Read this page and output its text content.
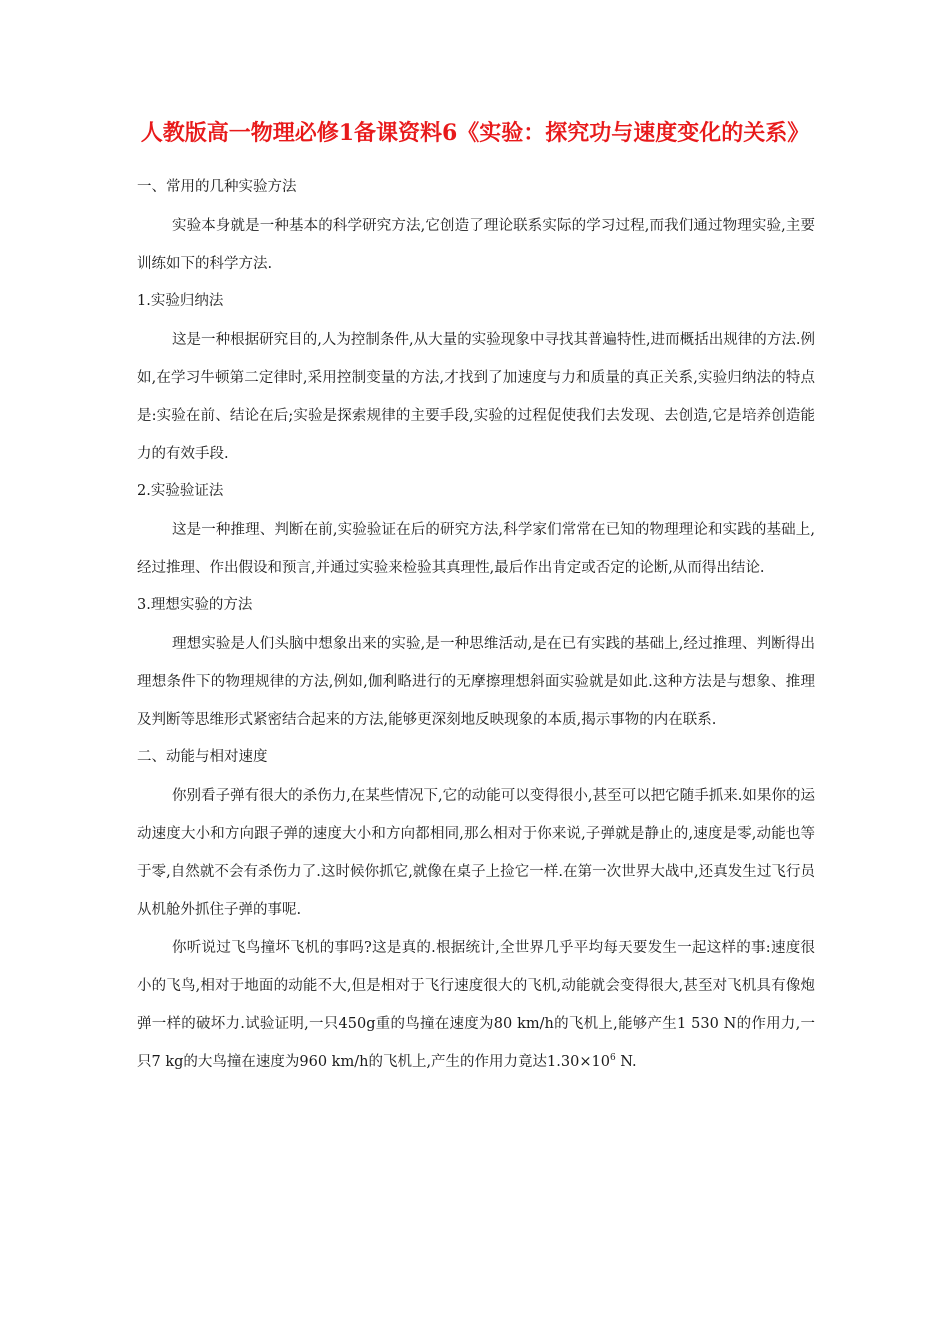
人教版高一物理必修1备课资料6《实验：探究功与速度变化的关系》

一、常用的几种实验方法

实验本身就是一种基本的科学研究方法,它创造了理论联系实际的学习过程,而我们通过物理实验,主要训练如下的科学方法.

1.实验归纳法

这是一种根据研究目的,人为控制条件,从大量的实验现象中寻找其普遍特性,进而概括出规律的方法.例如,在学习牛顿第二定律时,采用控制变量的方法,才找到了加速度与力和质量的真正关系,实验归纳法的特点是:实验在前、结论在后;实验是探索规律的主要手段,实验的过程促使我们去发现、去创造,它是培养创造能力的有效手段.

2.实验验证法

这是一种推理、判断在前,实验验证在后的研究方法,科学家们常常在已知的物理理论和实践的基础上,经过推理、作出假设和预言,并通过实验来检验其真理性,最后作出肯定或否定的论断,从而得出结论.

3.理想实验的方法

理想实验是人们头脑中想象出来的实验,是一种思维活动,是在已有实践的基础上,经过推理、判断得出理想条件下的物理规律的方法,例如,伽利略进行的无摩擦理想斜面实验就是如此.这种方法是与想象、推理及判断等思维形式紧密结合起来的方法,能够更深刻地反映现象的本质,揭示事物的内在联系.

二、动能与相对速度

你别看子弹有很大的杀伤力,在某些情况下,它的动能可以变得很小,甚至可以把它随手抓来.如果你的运动速度大小和方向跟子弹的速度大小和方向都相同,那么相对于你来说,子弹就是静止的,速度是零,动能也等于零,自然就不会有杀伤力了.这时候你抓它,就像在桌子上捡它一样.在第一次世界大战中,还真发生过飞行员从机舱外抓住子弹的事呢.

你听说过飞鸟撞坏飞机的事吗?这是真的.根据统计,全世界几乎平均每天要发生一起这样的事:速度很小的飞鸟,相对于地面的动能不大,但是相对于飞行速度很大的飞机,动能就会变得很大,甚至对飞机具有像炮弹一样的破坏力.试验证明,一只450g重的鸟撞在速度为80 km/h的飞机上,能够产生1 530 N的作用力,一只7 kg的大鸟撞在速度为960 km/h的飞机上,产生的作用力竟达$1.30\times 10^6$ N.
